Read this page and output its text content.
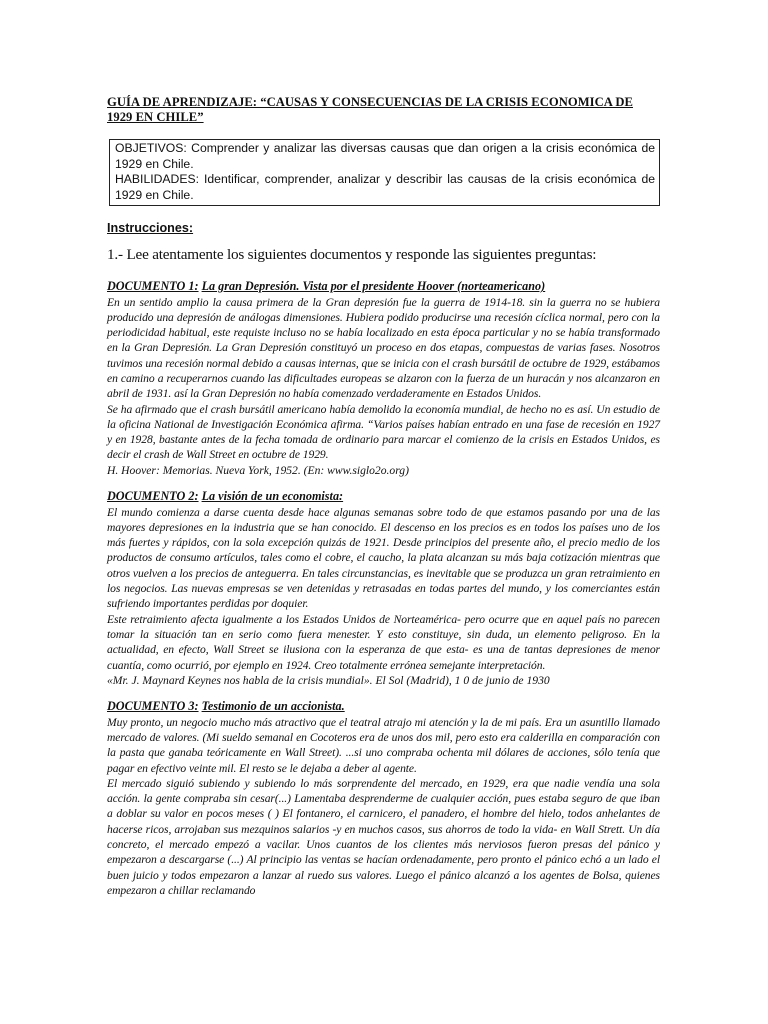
GUÍA DE APRENDIZAJE: “CAUSAS Y CONSECUENCIAS DE LA CRISIS ECONOMICA DE 1929 EN CHILE”

OBJETIVOS: Comprender y analizar las diversas causas que dan origen a la crisis económica de 1929 en Chile.

HABILIDADES: Identificar, comprender, analizar y describir las causas de la crisis económica de 1929 en Chile.

Instrucciones:
1.- Lee atentamente los siguientes documentos y responde las siguientes preguntas:

DOCUMENTO 1: La gran Depresión. Vista por el presidente Hoover (norteamericano)

En un sentido amplio la causa primera de la Gran depresión fue la guerra de 1914-18. sin la guerra no se hubiera producido una depresión de análogas dimensiones. Hubiera podido producirse una recesión cíclica normal, pero con la periodicidad habitual, este requiste incluso no se había localizado en esta época particular y no se había transformado en la Gran Depresión. La Gran Depresión constituyó un proceso en dos etapas, compuestas de varias fases. Nosotros tuvimos una recesión normal debido a causas internas, que se inicia con el crash bursátil de octubre de 1929, estábamos en camino a recuperarnos cuando las dificultades europeas se alzaron con la fuerza de un huracán y nos alcanzaron en abril de 1931. así la Gran Depresión no había comenzado verdaderamente en Estados Unidos.

Se ha afirmado que el crash bursátil americano había demolido la economía mundial, de hecho no es así. Un estudio de la oficina National de Investigación Económica afirma. “Varios países habían entrado en una fase de recesión en 1927 y en 1928, bastante antes de la fecha tomada de ordinario para marcar el comienzo de la crisis en Estados Unidos, es decir el crash de Wall Street en octubre de 1929.

H. Hoover: Memorias. Nueva York, 1952. (En: www.siglo2o.org)

DOCUMENTO 2: La visión de un economista:

El mundo comienza a darse cuenta desde hace algunas semanas sobre todo de que estamos pasando por una de las mayores depresiones en la industria que se han conocido. El descenso en los precios es en todos los países uno de los más fuertes y rápidos, con la sola excepción quizás de 1921. Desde principios del presente año, el precio medio de los productos de consumo artículos, tales como el cobre, el caucho, la plata alcanzan su más baja cotización mientras que otros vuelven a los precios de anteguerra. En tales circunstancias, es inevitable que se produzca un gran retraimiento en los negocios. Las nuevas empresas se ven detenidas y retrasadas en todas partes del mundo, y los comerciantes están sufriendo importantes perdidas por doquier.

Este retraimiento afecta igualmente a los Estados Unidos de Norteamérica- pero ocurre que en aquel país no parecen tomar la situación tan en serio como fuera menester. Y esto constituye, sin duda, un elemento peligroso. En la actualidad, en efecto, Wall Street se ilusiona con la esperanza de que esta- es una de tantas depresiones de menor cuantía, como ocurrió, por ejemplo en 1924. Creo totalmente errónea semejante interpretación.

«Mr. J. Maynard Keynes nos habla de la crisis mundial». El Sol (Madrid), 1 0 de junio de 1930

DOCUMENTO 3: Testimonio de un accionista.

Muy pronto, un negocio mucho más atractivo que el teatral atrajo mi atención y la de mi país. Era un asuntillo llamado mercado de valores. (Mi sueldo semanal en Cocoteros era de unos dos mil, pero esto era calderilla en comparación con la pasta que ganaba teóricamente en Wall Street). ...si uno compraba ochenta mil dólares de acciones, sólo tenía que pagar en efectivo veinte mil. El resto se le dejaba a deber al agente.

El mercado siguió subiendo y subiendo lo más sorprendente del mercado, en 1929, era que nadie vendía una sola acción. la gente compraba sin cesar(...) Lamentaba desprenderme de cualquier acción, pues estaba seguro de que iban a doblar su valor en pocos meses ( ) El fontanero, el carnicero, el panadero, el hombre del hielo, todos anhelantes de hacerse ricos, arrojaban sus mezquinos salarios -y en muchos casos, sus ahorros de todo la vida- en Wall Strett. Un día concreto, el mercado empezó a vacilar. Unos cuantos de los clientes más nerviosos fueron presas del pánico y empezaron a descargarse (...) Al principio las ventas se hacían ordenadamente, pero pronto el pánico echó a un lado el buen juicio y todos empezaron a lanzar al ruedo sus valores. Luego el pánico alcanzó a los agentes de Bolsa, quienes empezaron a chillar reclamando
